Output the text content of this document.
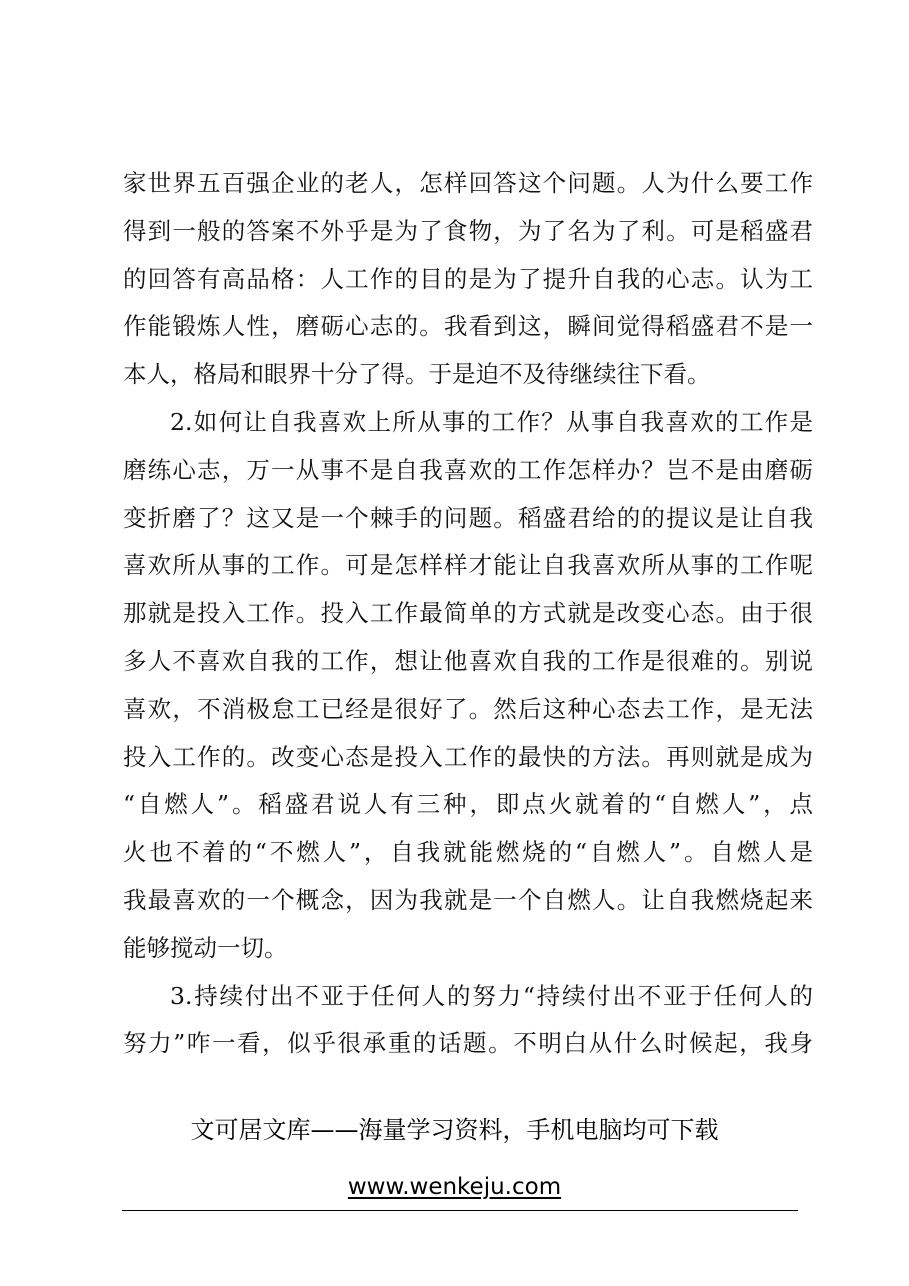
家世界五百强企业的老人，怎样回答这个问题。人为什么要工作
得到一般的答案不外乎是为了食物，为了名为了利。可是稻盛君
的回答有高品格：人工作的目的是为了提升自我的心志。认为工
作能锻炼人性，磨砺心志的。我看到这，瞬间觉得稻盛君不是一
本人，格局和眼界十分了得。于是迫不及待继续往下看。
2.如何让自我喜欢上所从事的工作？从事自我喜欢的工作是
磨练心志，万一从事不是自我喜欢的工作怎样办？岂不是由磨砺
变折磨了？这又是一个棘手的问题。稻盛君给的的提议是让自我
喜欢所从事的工作。可是怎样样才能让自我喜欢所从事的工作呢
那就是投入工作。投入工作最简单的方式就是改变心态。由于很
多人不喜欢自我的工作，想让他喜欢自我的工作是很难的。别说
喜欢，不消极怠工已经是很好了。然后这种心态去工作，是无法
投入工作的。改变心态是投入工作的最快的方法。再则就是成为
“自燃人”。稻盛君说人有三种，即点火就着的“自燃人”，点
火也不着的“不燃人”，自我就能燃烧的“自燃人”。自燃人是
我最喜欢的一个概念，因为我就是一个自燃人。让自我燃烧起来
能够搅动一切。
3.持续付出不亚于任何人的努力“持续付出不亚于任何人的
努力”咋一看，似乎很承重的话题。不明白从什么时候起，我身
文可居文库——海量学习资料，手机电脑均可下载
www.wenkeju.com
